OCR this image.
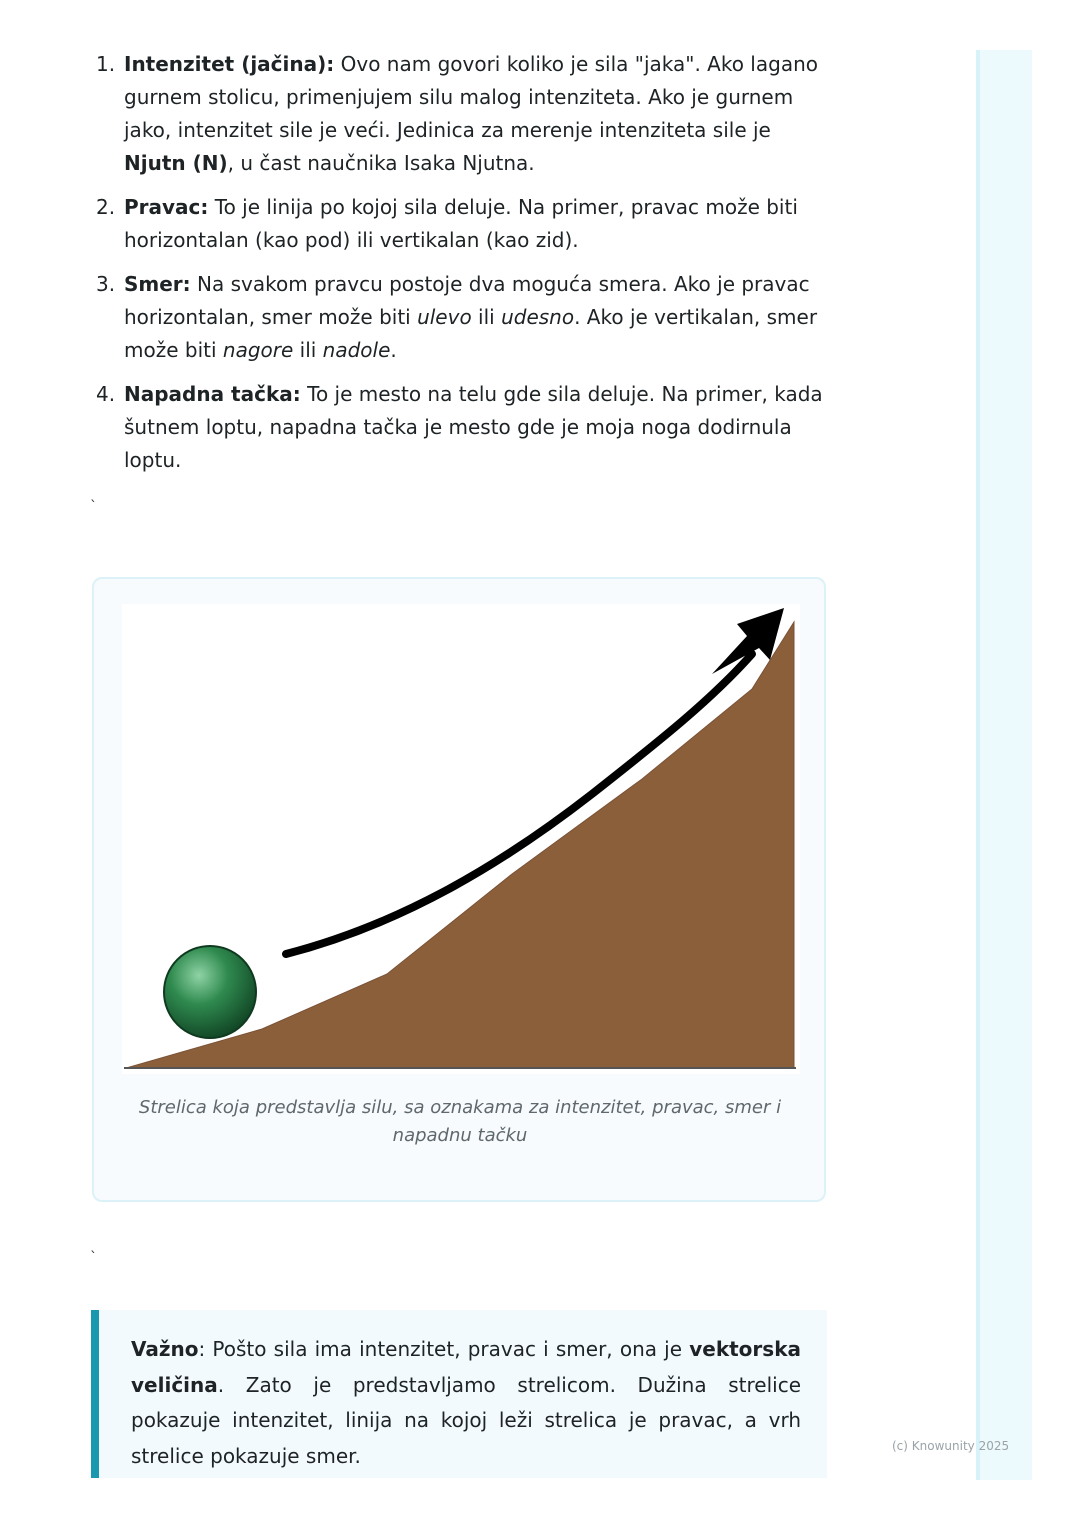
1. Intenzitet (jačina): Ovo nam govori koliko je sila "jaka". Ako lagano gurnem stolicu, primenjujem silu malog intenziteta. Ako je gurnem jako, intenzitet sile je veći. Jedinica za merenje intenziteta sile je Njutn (N), u čast naučnika Isaka Njutna.
2. Pravac: To je linija po kojoj sila deluje. Na primer, pravac može biti horizontalan (kao pod) ili vertikalan (kao zid).
3. Smer: Na svakom pravcu postoje dva moguća smera. Ako je pravac horizontalan, smer može biti ulevo ili udesno. Ako je vertikalan, smer može biti nagore ili nadole.
4. Napadna tačka: To je mesto na telu gde sila deluje. Na primer, kada šutnem loptu, napadna tačka je mesto gde je moja noga dodirnula loptu.
`
Strelica koja predstavlja silu, sa oznakama za intenzitet, pravac, smer i napadnu tačku
`

Važno: Pošto sila ima intenzitet, pravac i smer, ona je vektorska veličina. Zato je predstavljamo strelicom. Dužina strelice pokazuje intenzitet, linija na kojoj leži strelica je pravac, a vrh strelice pokazuje smer.	(c) Knowunity 2025
